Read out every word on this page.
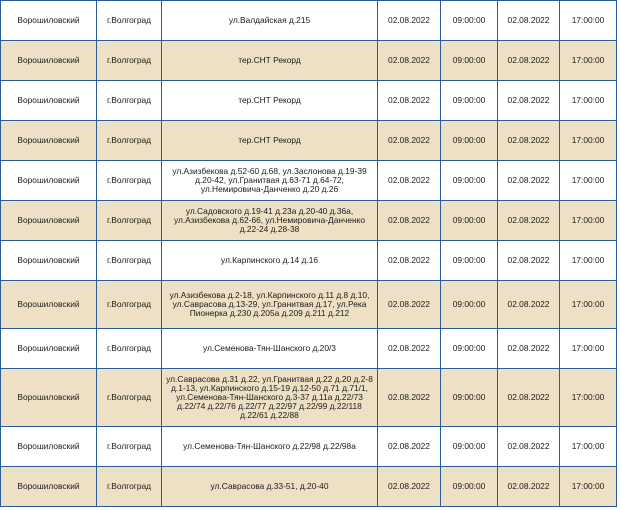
Ворошиловский	г.Волгоград	ул.Валдайская д.215	02.08.2022	09:00:00	02.08.2022	17:00:00
Ворошиловский	г.Волгоград	тер.СНТ Рекорд	02.08.2022	09:00:00	02.08.2022	17:00:00
Ворошиловский	г.Волгоград	тер.СНТ Рекорд	02.08.2022	09:00:00	02.08.2022	17:00:00
Ворошиловский	г.Волгоград	тер.СНТ Рекорд	02.08.2022	09:00:00	02.08.2022	17:00:00
Ворошиловский	г.Волгоград	ул.Азизбекова д.52-60 д.68, ул.Заслонова д.19-39 д.20-42, ул.Гранитвая д.63-71 д.64-72, ул.Немировича-Данченко д.20 д.26	02.08.2022	09:00:00	02.08.2022	17:00:00
Ворошиловский	г.Волгоград	ул.Садовского д.19-41 д.23а д.20-40 д.36а, ул.Азизбекова д.62-66, ул.Немировича-Данченко д.22-24 д.28-38	02.08.2022	09:00:00	02.08.2022	17:00:00
Ворошиловский	г.Волгоград	ул.Карпинского д.14 д.16	02.08.2022	09:00:00	02.08.2022	17:00:00
Ворошиловский	г.Волгоград	ул.Азизбекова д.2-18, ул.Карпинского д.11 д.8 д.10, ул.Саврасова д.13-29, ул.Гранитвая д.17, ул.Река Пионерка д.230 д.205а д.209 д.211 д.212	02.08.2022	09:00:00	02.08.2022	17:00:00
Ворошиловский	г.Волгоград	ул.Семенова-Тян-Шанского д.20/3	02.08.2022	09:00:00	02.08.2022	17:00:00
Ворошиловский	г.Волгоград	ул.Саврасова д.31 д.22, ул.Гранитвая д.22 д.20 д.2-8 д.1-13, ул.Карпинского д.15-19 д.12-50 д.71 д.71/1, ул.Семенова-Тян-Шанского д.3-37 д.11а д.22/73 д.22/74 д.22/76 д.22/77 д.22/97 д.22/99 д.22/118 д.22/61 д.22/88	02.08.2022	09:00:00	02.08.2022	17:00:00
Ворошиловский	г.Волгоград	ул.Семенова-Тян-Шанского д.22/98 д.22/98а	02.08.2022	09:00:00	02.08.2022	17:00:00
Ворошиловский	г.Волгоград	ул.Саврасова д.33-51, д.20-40	02.08.2022	09:00:00	02.08.2022	17:00:00
